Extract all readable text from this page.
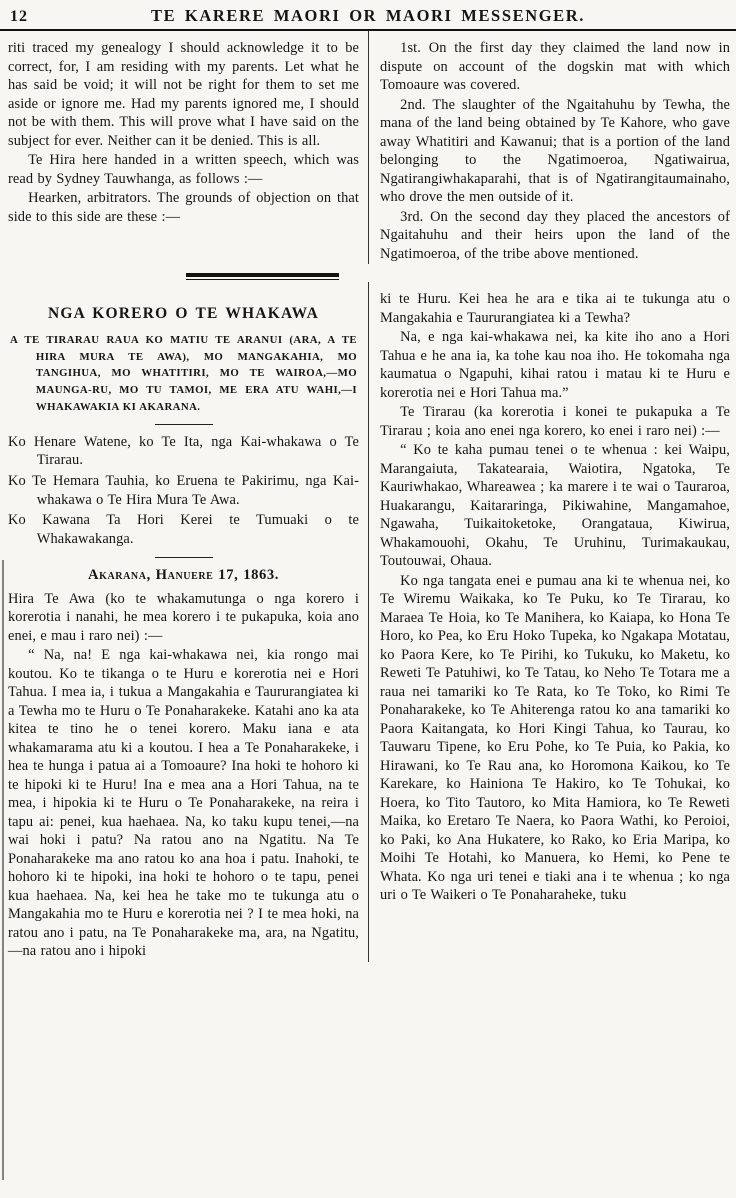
12	TE KARERE MAORI OR MAORI MESSENGER.

riti traced my genealogy I should acknowledge it to be correct, for, I am residing with my parents. Let what he has said be void; it will not be right for them to set me aside or ignore me. Had my parents ignored me, I should not be with them. This will prove what I have said on the subject for ever. Neither can it be denied. This is all.

Te Hira here handed in a written speech, which was read by Sydney Tauwhanga, as follows :—

Hearken, arbitrators. The grounds of objection on that side to this side are these :—

1st. On the first day they claimed the land now in dispute on account of the dogskin mat with which Tomoaure was covered.

2nd. The slaughter of the Ngaitahuhu by Tewha, the mana of the land being obtained by Te Kahore, who gave away Whatitiri and Kawanui; that is a portion of the land belonging to the Ngatimoeroa, Ngatiwairua, Ngatirangiwhakaparahi, that is of Ngatirangitaumainaho, who drove the men outside of it.

3rd. On the second day they placed the ancestors of Ngaitahuhu and their heirs upon the land of the Ngatimoeroa, of the tribe above mentioned.

NGA KORERO O TE WHAKAWA

A TE TIRARAU RAUA KO MATIU TE ARANUI (ARA, A TE HIRA MURA TE AWA), MO MANGAKAHIA, MO TANGIHUA, MO WHATITIRI, MO TE WAIROA,—MO MAUNGA-RU, MO TU TAMOI, ME ERA ATU WAHI,—I WHAKAWAKIA KI AKARANA.

Ko Henare Watene, ko Te Ita, nga Kai-whakawa o Te Tirarau.

Ko Te Hemara Tauhia, ko Eruena te Pakirimu, nga Kai-whakawa o Te Hira Mura Te Awa.

Ko Kawana Ta Hori Kerei te Tumuaki o te Whakawakanga.

Akarana, Hanuere 17, 1863.

Hira Te Awa (ko te whakamutunga o nga korero i korerotia i nanahi, he mea korero i te pukapuka, koia ano enei, e mau i raro nei) :—

“ Na, na! E nga kai-whakawa nei, kia rongo mai koutou. Ko te tikanga o te Huru e korerotia nei e Hori Tahua. I mea ia, i tukua a Mangakahia e Taururangiatea ki a Tewha mo te Huru o Te Ponaharakeke. Katahi ano ka ata kitea te tino he o tenei korero. Maku iana e ata whakamarama atu ki a koutou. I hea a Te Ponaharakeke, i hea te hunga i patua ai a Tomoaure? Ina hoki te hohoro ki te hipoki ki te Huru! Ina e mea ana a Hori Tahua, na te mea, i hipokia ki te Huru o Te Ponaharakeke, na reira i tapu ai: penei, kua haehaea. Na, ko taku kupu tenei,—na wai hoki i patu? Na ratou ano na Ngatitu. Na Te Ponaharakeke ma ano ratou ko ana hoa i patu. Inahoki, te hohoro ki te hipoki, ina hoki te hohoro o te tapu, penei kua haehaea. Na, kei hea he take mo te tukunga atu o Mangakahia mo te Huru e korerotia nei ? I te mea hoki, na ratou ano i patu, na Te Ponaharakeke ma, ara, na Ngatitu,—na ratou ano i hipoki

ki te Huru. Kei hea he ara e tika ai te tukunga atu o Mangakahia e Taururangiatea ki a Tewha?

Na, e nga kai-whakawa nei, ka kite iho ano a Hori Tahua e he ana ia, ka tohe kau noa iho. He tokomaha nga kaumatua o Ngapuhi, kihai ratou i matau ki te Huru e korerotia nei e Hori Tahua ma.”

Te Tirarau (ka korerotia i konei te pukapuka a Te Tirarau ; koia ano enei nga korero, ko enei i raro nei) :—

“ Ko te kaha pumau tenei o te whenua : kei Waipu, Marangaiuta, Takatearaia, Waiotira, Ngatoka, Te Kauriwhakao, Whareawea ; ka marere i te wai o Tauraroa, Huakarangu, Kaitararinga, Pikiwahine, Mangamahoe, Ngawaha, Tuikaitoketoke, Orangataua, Kiwirua, Whakamouohi, Okahu, Te Uruhinu, Turimakaukau, Toutouwai, Ohaua.

Ko nga tangata enei e pumau ana ki te whenua nei, ko Te Wiremu Waikaka, ko Te Puku, ko Te Tirarau, ko Maraea Te Hoia, ko Te Manihera, ko Kaiapa, ko Hona Te Horo, ko Pea, ko Eru Hoko Tupeka, ko Ngakapa Motatau, ko Paora Kere, ko Te Pirihi, ko Tukuku, ko Maketu, ko Reweti Te Patuhiwi, ko Te Tatau, ko Neho Te Totara me a raua nei tamariki ko Te Rata, ko Te Toko, ko Rimi Te Ponaharakeke, ko Te Ahiterenga ratou ko ana tamariki ko Paora Kaitangata, ko Hori Kingi Tahua, ko Taurau, ko Tauwaru Tipene, ko Eru Pohe, ko Te Puia, ko Pakia, ko Hirawani, ko Te Rau ana, ko Horomona Kaikou, ko Te Karekare, ko Hainiona Te Hakiro, ko Te Tohukai, ko Hoera, ko Tito Tautoro, ko Mita Hamiora, ko Te Reweti Maika, ko Eretaro Te Naera, ko Paora Wathi, ko Peroioi, ko Paki, ko Ana Hukatere, ko Rako, ko Eria Maripa, ko Moihi Te Hotahi, ko Manuera, ko Hemi, ko Pene te Whata. Ko nga uri tenei e tiaki ana i te whenua ; ko nga uri o Te Waikeri o Te Ponaharaheke, tuku
